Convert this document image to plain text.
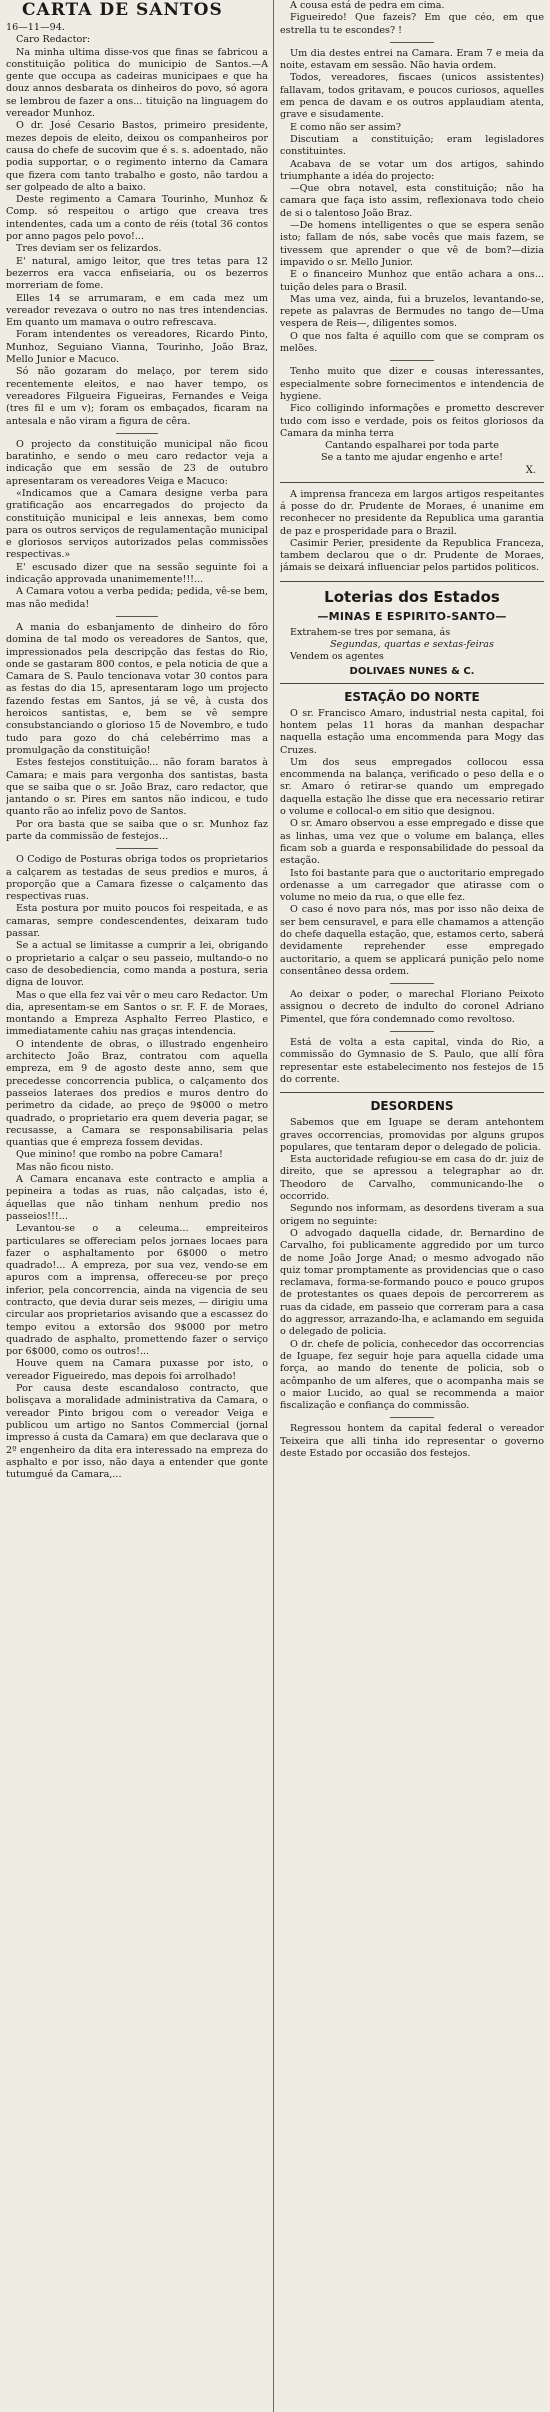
CARTA DE SANTOS

16—11—94.

Caro Redactor:

Na minha ultima disse-vos que finas se fabricou a constituição politica do municipio de Santos.—A gente que occupa as cadeiras municipaes e que ha douz annos desbarata os dinheiros do povo, só agora se lembrou de fazer a ons... tituição na linguagem do vereador Munhoz.

O dr. José Cesario Bastos, primeiro presidente, mezes depois de eleito, deixou os companheiros por causa do chefe de sucovim que é s. s. adoentado, não podia supportar, o o regimento interno da Camara que fizera com tanto trabalho e gosto, não tardou a ser golpeado de alto a baixo.

Deste regimento a Camara Tourinho, Munhoz & Comp. só respeitou o artigo que creava tres intendentes, cada um a conto de réis (total 36 contos por anno pagos pelo povo!...

Tres deviam ser os felizardos.

E' natural, amigo leitor, que tres tetas para 12 bezerros era vacca enfiseiaria, ou os bezerros morreriam de fome.

Elles 14 se arrumaram, e em cada mez um vereador revezava o outro no nas tres intendencias. Em quanto um mamava o outro refrescava.

Foram intendentes os vereadores, Ricardo Pinto, Munhoz, Seguiano Vianna, Tourinho, João Braz, Mello Junior e Macuco.

Só não gozaram do melaço, por terem sido recentemente eleitos, e nao haver tempo, os vereadores Filgueira Figueiras, Fernandes e Veiga (tres fil e um v); foram os embaçados, ficaram na antesala e não viram a figura de cêra.

O projecto da constituição municipal não ficou baratinho, e sendo o meu caro redactor veja a indicação que em sessão de 23 de outubro apresentaram os vereadores Veiga e Macuco:

«Indicamos que a Camara designe verba para gratificação aos encarregados do projecto da constituição municipal e leis annexas, bem como para os outros serviços de regulamentação municipal e gloriosos serviços autorizados pelas commissões respectivas.»

E' escusado dizer que na sessão seguinte foi a indicação approvada unanimemente!!!...

A Camara votou a verba pedida; pedida, vê-se bem, mas não medida!

A mania do esbanjamento de dinheiro do fôro domina de tal modo os vereadores de Santos, que, impressionados pela descripção das festas do Rio, onde se gastaram 800 contos, e pela noticia de que a Camara de S. Paulo tencionava votar 30 contos para as festas do dia 15, apresentaram logo um projecto fazendo festas em Santos, já se vê, à custa dos heroicos santistas, e, bem se vê sempre consubstanciando o glorioso 15 de Novembro, e tudo tudo para gozo do chá celebérrimo mas a promulgação da constituição!

Estes festejos constituição... não foram baratos à Camara; e mais para vergonha dos santistas, basta que se saiba que o sr. João Braz, caro redactor, que jantando o sr. Pires em santos não indicou, e tudo quanto rão ao infeliz povo de Santos.

Por ora basta que se saiba que o sr. Munhoz faz parte da commissão de festejos...

O Codigo de Posturas obriga todos os proprietarios a calçarem as testadas de seus predios e muros, á proporção que a Camara fizesse o calçamento das respectivas ruas.

Esta postura por muito poucos foi respeitada, e as camaras, sempre condescendentes, deixaram tudo passar.

Se a actual se limitasse a cumprir a lei, obrigando o proprietario a calçar o seu passeio, multando-o no caso de desobediencia, como manda a postura, seria digna de louvor.

Mas o que ella fez vai vêr o meu caro Redactor. Um dia, apresentam-se em Santos o sr. F. F. de Moraes, montando a Empreza Asphalto Ferreo Plastico, e immediatamente cahiu nas graças intendencia.

O intendente de obras, o illustrado engenheiro architecto João Braz, contratou com aquella empreza, em 9 de agosto deste anno, sem que precedesse concorrencia publica, o calçamento dos passeios lateraes dos predios e muros dentro do perimetro da cidade, ao preço de 9$000 o metro quadrado, o proprietario era quem deveria pagar, se recusasse, a Camara se responsabilisaria pelas quantias que é empreza fossem devidas.

Que minino! que rombo na pobre Camara!

Mas não ficou nisto.

A Camara encanava este contracto e amplia a pepineira a todas as ruas, não calçadas, isto é, áquellas que não tinham nenhum predio nos passeios!!!...

Levantou-se o a celeuma... empreiteiros particulares se offereciam pelos jornaes locaes para fazer o asphaltamento por 6$000 o metro quadrado!... A empreza, por sua vez, vendo-se em apuros com a imprensa, offereceu-se por preço inferior, pela concorrencia, ainda na vigencia de seu contracto, que devia durar seis mezes, — dirigiu uma circular aos proprietarios avisando que a escassez do tempo evitou a extorsão dos 9$000 por metro quadrado de asphalto, promettendo fazer o serviço por 6$000, como os outros!...

Houve quem na Camara puxasse por isto, o vereador Figueiredo, mas depois foi arrolhado!

Por causa deste escandaloso contracto, que bolisçava a moralidade administrativa da Camara, o vereador Pinto brigou com o vereador Veiga e publicou um artigo no Santos Commercial (jornal impresso á custa da Camara) em que declarava que o 2º engenheiro da dita era interessado na empreza do asphalto e por isso, não daya a entender que gonte tutumgué da Camara,...

A cousa está de pedra em cima.

Figueiredo! Que fazeis? Em que céo, em que estrella tu te escondes? !

Um dia destes entrei na Camara. Eram 7 e meia da noite, estavam em sessão. Não havia ordem.

Todos, vereadores, fiscaes (unicos assistentes) fallavam, todos gritavam, e poucos curiosos, aquelles em penca de davam e os outros applaudiam atenta, grave e sisudamente.

E como não ser assim?

Discutiam a constituição; eram legisladores constituintes.

Acabava de se votar um dos artigos, sahindo triumphante a idéa do projecto:

—Que obra notavel, esta constituição; não ha camara que faça isto assim, reflexionava todo cheio de si o talentoso João Braz.

—De homens intelligentes o que se espera senão isto; fallam de nós, sabe vocês que mais fazem, se tivessem que aprender o que vê de bom?—dizia impavido o sr. Mello Junior.

E o financeiro Munhoz que então achara a ons... tuição deles para o Brasil.

Mas uma vez, ainda, fui a bruzelos, levantando-se, repete as palavras de Bermudes no tango de—Uma vespera de Reis—, diligentes somos.

O que nos falta é aquillo com que se compram os melões.

Tenho muito que dizer e cousas interessantes, especialmente sobre fornecimentos e intendencia de hygiene.

Fico colligindo informações e prometto descrever tudo com isso e verdade, pois os feitos gloriosos da Camara da minha terra

Cantando espalharei por toda parte

Se a tanto me ajudar engenho e arte!

X.

A imprensa franceza em largos artigos respeitantes á posse do dr. Prudente de Moraes, é unanime em reconhecer no presidente da Republica uma garantia de paz e prosperidade para o Brazil.

Casimir Perier, presidente da Republica Franceza, tambem declarou que o dr. Prudente de Moraes, jámais se deixará influenciar pelos partidos politicos.

Loterias dos Estados
—MINAS E ESPIRITO-SANTO—

Extrahem-se tres por semana, ás

Segundas, quartas e sextas-feiras

Vendem os agentes

DOLIVAES NUNES & C.
ESTAÇÃO DO NORTE

O sr. Francisco Amaro, industrial nesta capital, foi hontem pelas 11 horas da manhan despachar naquella estação uma encommenda para Mogy das Cruzes.

Um dos seus empregados collocou essa encommenda na balança, verificado o peso della e o sr. Amaro ó retirar-se quando um empregado daquella estação lhe disse que era necessario retirar o volume e collocal-o em sitio que designou.

O sr. Amaro observou a esse empregado e disse que as linhas, uma vez que o volume em balança, elles ficam sob a guarda e responsabilidade do pessoal da estação.

Isto foi bastante para que o auctoritario empregado ordenasse a um carregador que atirasse com o volume no meio da rua, o que elle fez.

O caso é novo para nós, mas por isso não deixa de ser bem censuravel, e para elle chamamos a attenção do chefe daquella estação, que, estamos certo, saberá devidamente reprehender esse empregado auctoritario, a quem se applicará punição pelo nome consentâneo dessa ordem.

Ao deixar o poder, o marechal Floriano Peixoto assignou o decreto de indulto do coronel Adriano Pimentel, que fóra condemnado como revoltoso.

Está de volta a esta capital, vinda do Rio, a commissão do Gymnasio de S. Paulo, que allí fôra representar este estabelecimento nos festejos de 15 do corrente.

DESORDENS

Sabemos que em Iguape se deram antehontem graves occorrencias, promovidas por alguns grupos populares, que tentaram depor o delegado de policia.

Esta auctoridade refugiou-se em casa do dr. juiz de direito, que se apressou a telegraphar ao dr. Theodoro de Carvalho, communicando-lhe o occorrido.

Segundo nos informam, as desordens tiveram a sua origem no seguinte:

O advogado daquella cidade, dr. Bernardino de Carvalho, foi publicamente aggredido por um turco de nome João Jorge Anad; o mesmo advogado não quiz tomar promptamente as providencias que o caso reclamava, forma-se-formando pouco e pouco grupos de protestantes os quaes depois de percorrerem as ruas da cidade, em passeio que correram para a casa do aggressor, arrazando-lha, e aclamando em seguida o delegado de policia.

O dr. chefe de policia, conhecedor das occorrencias de Iguape, fez seguir hoje para aquella cidade uma força, ao mando do tenente de policia, sob o acômpanho de um alferes, que o acompanha mais se o maior Lucido, ao qual se recommenda a maior fiscalização e confiança do commissão.

Regressou hontem da capital federal o vereador Teixeira que alli tinha ido representar o governo deste Estado por occasião dos festejos.
